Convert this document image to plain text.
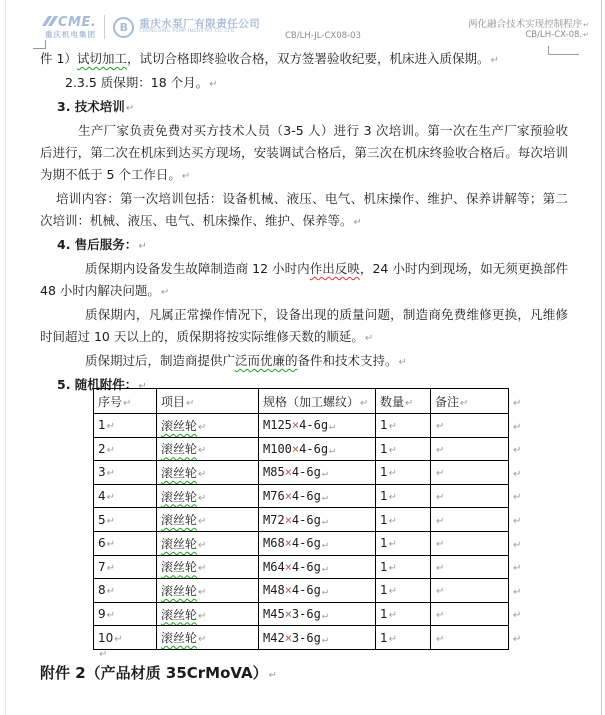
CME.
重庆机电集团
B	重庆水泵厂有限责任公司
CHONGQING PUMP INDUSTRY CO.,LTD.
两化融合技术实现控制程序↵
CB/LH-CX-08.↵
CB/LH-JL-CX08-03
件 1）试切加工，试切合格即终验收合格，双方签署验收纪要，机床进入质保期。↵
2.3.5 质保期：18 个月。↵
3. 技术培训↵
生产厂家负责免费对买方技术人员（3-5 人）进行 3 次培训。第一次在生产厂家预验收后进行，第二次在机床到达买方现场，安装调试合格后，第三次在机床终验收合格后。每次培训为期不低于 5 个工作日。↵
培训内容：第一次培训包括：设备机械、液压、电气、机床操作、维护、保养讲解等；第二次培训：机械、液压、电气、机床操作、维护、保养等。↵
4. 售后服务：↵
质保期内设备发生故障制造商 12 小时内作出反映，24 小时内到现场，如无须更换部件 48 小时内解决问题。↵
质保期内，凡属正常操作情况下，设备出现的质量问题，制造商免费维修更换，凡维修时间超过 10 天以上的，质保期将按实际维修天数的顺延。↵
质保期过后，制造商提供广泛而优廉的备件和技术支持。↵
5. 随机附件：↵
序号↵	项目↵	规格（加工螺纹）↵	数量↵	备注↵
1↵	滚丝轮↵	M125×4-6g↵	1↵	↵
2↵	滚丝轮↵	M100×4-6g↵	1↵	↵
3↵	滚丝轮↵	M85×4-6g↵	1↵	↵
4↵	滚丝轮↵	M76×4-6g↵	1↵	↵
5↵	滚丝轮↵	M72×4-6g↵	1↵	↵
6↵	滚丝轮↵	M68×4-6g↵	1↵	↵
7↵	滚丝轮↵	M64×4-6g↵	1↵	↵
8↵	滚丝轮↵	M48×4-6g↵	1↵	↵
9↵	滚丝轮↵	M45×3-6g↵	1↵	↵
10↵	滚丝轮↵	M42×3-6g↵	1↵	↵
↵
↵
↵
↵
↵
↵
↵
↵
↵
↵
↵
↵
附件 2（产品材质 35CrMoVA）↵
